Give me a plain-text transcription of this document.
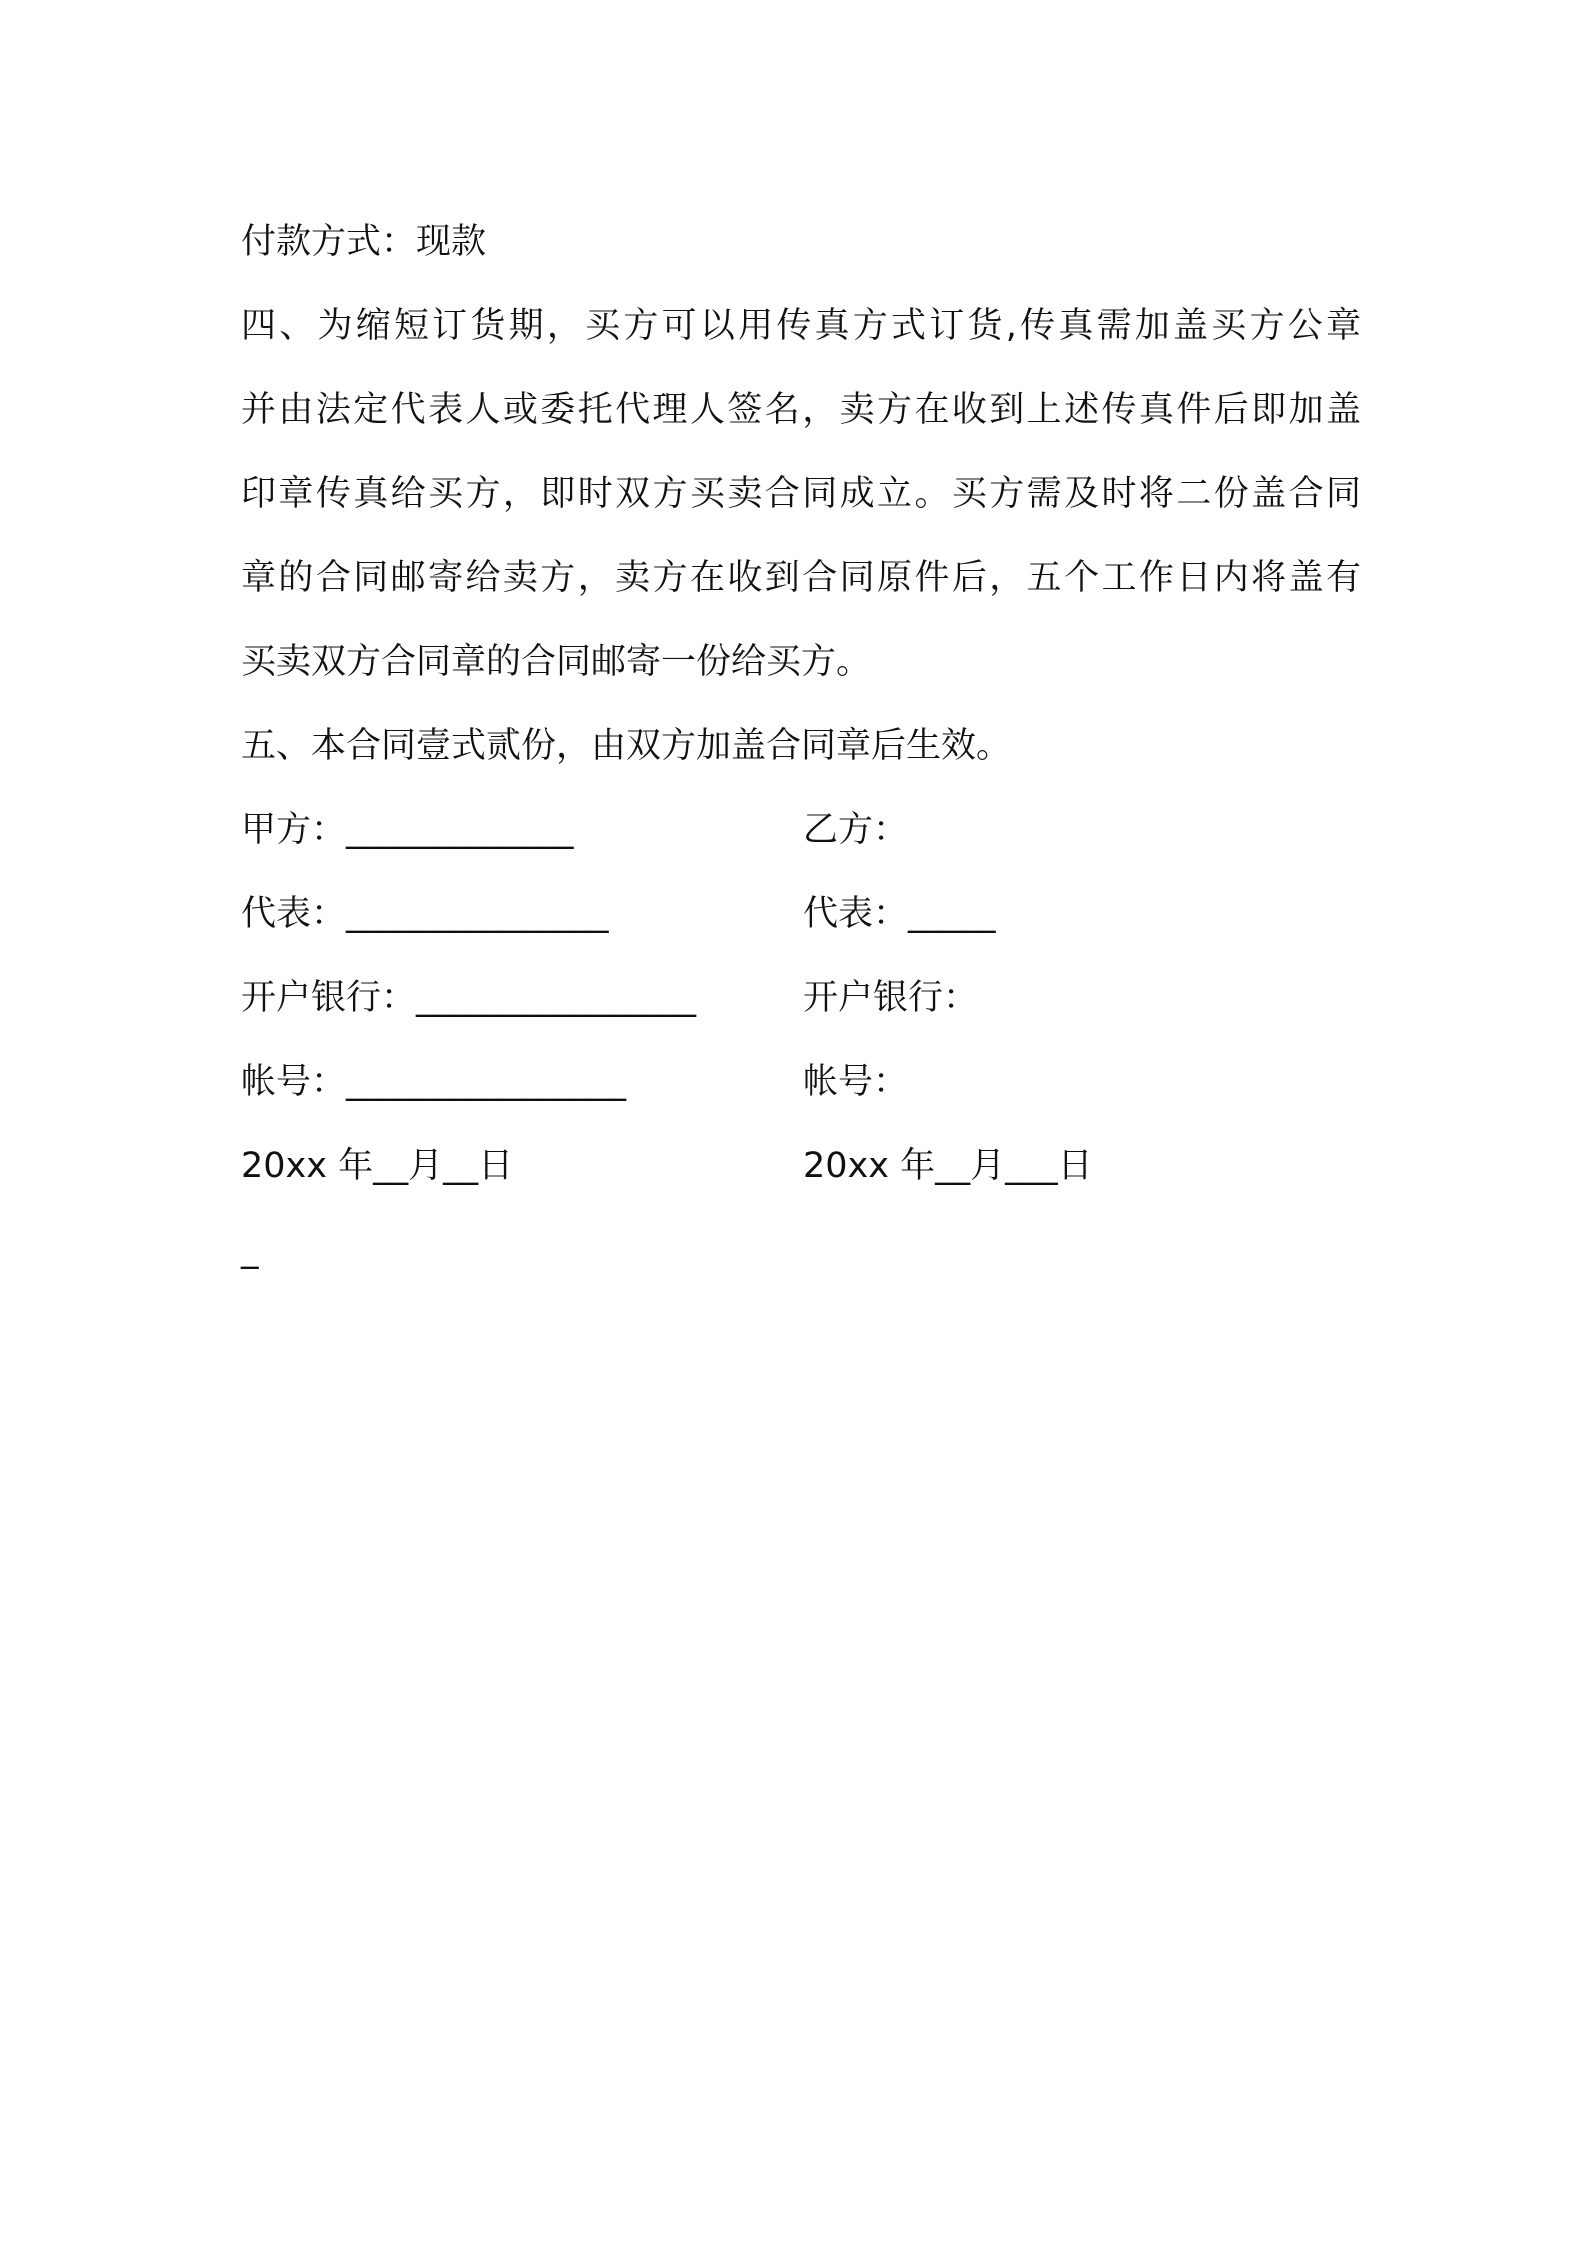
付款方式：现款
四、为缩短订货期，买方可以用传真方式订货,传真需加盖买方公章
并由法定代表人或委托代理人签名，卖方在收到上述传真件后即加盖
印章传真给买方，即时双方买卖合同成立。买方需及时将二份盖合同
章的合同邮寄给卖方，卖方在收到合同原件后，五个工作日内将盖有
买卖双方合同章的合同邮寄一份给买方。
五、本合同壹式贰份，由双方加盖合同章后生效。
甲方：_____________	乙方：
代表：_______________	代表：_____
开户银行：________________	开户银行：
帐号：________________	帐号：
20xx 年__月__日	20xx 年__月___日
_
